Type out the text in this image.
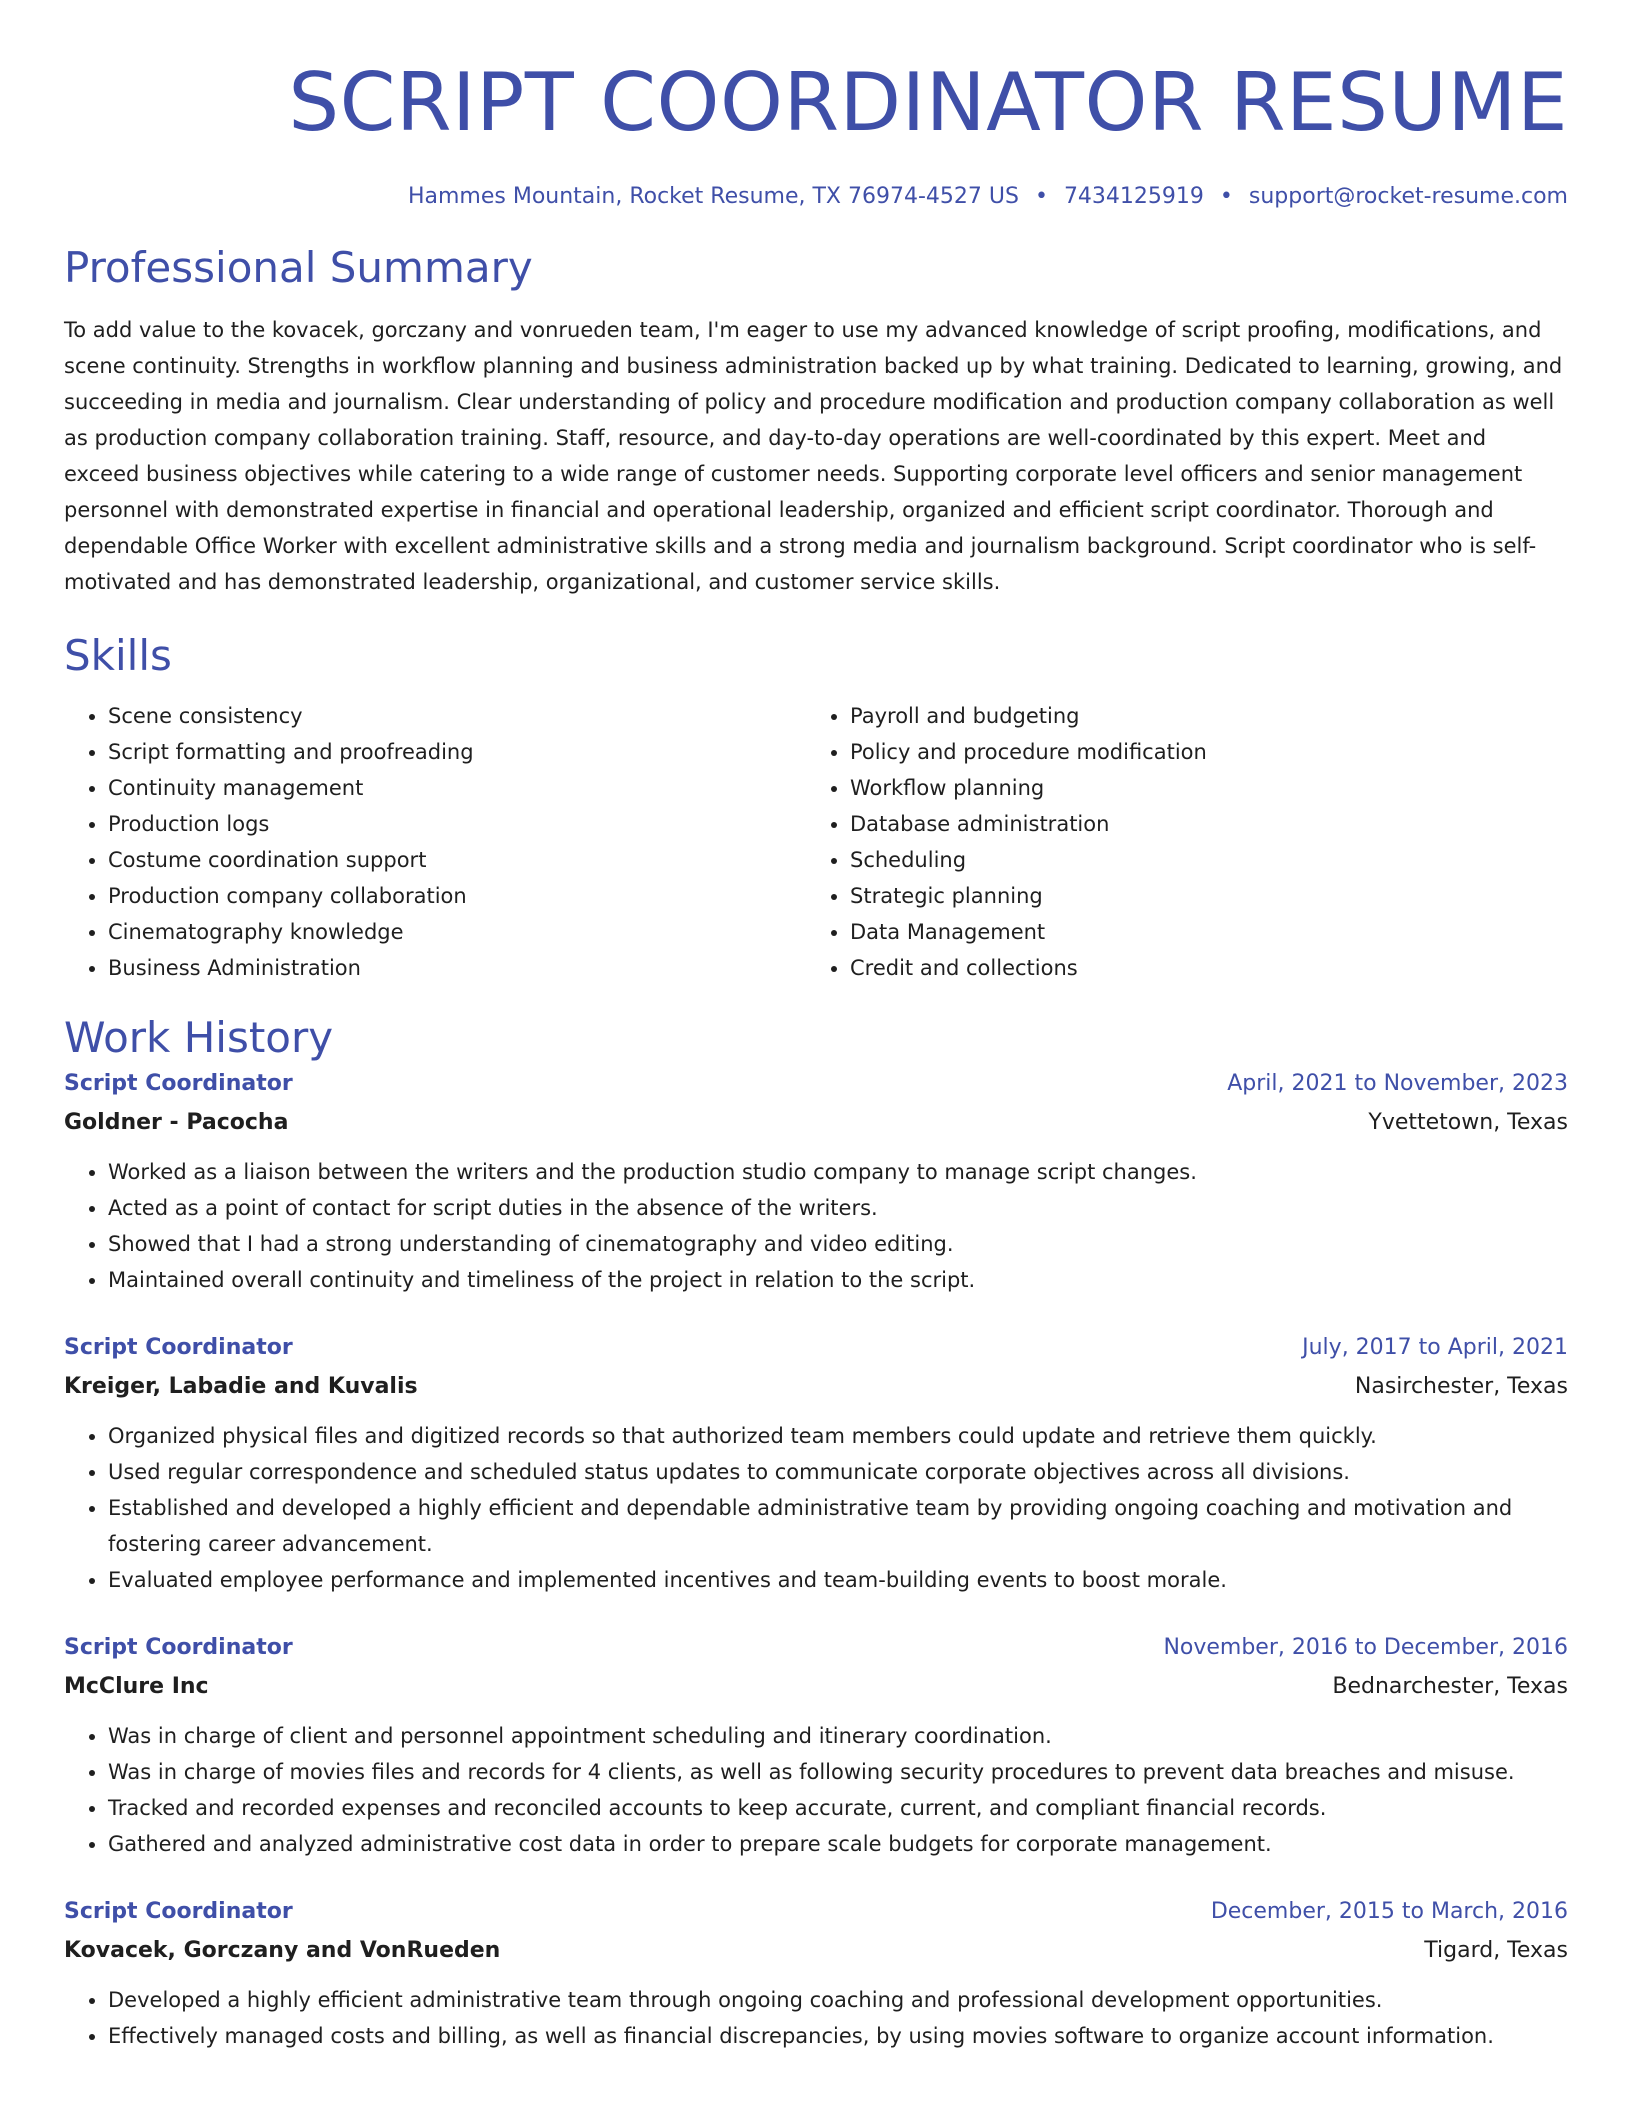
SCRIPT COORDINATOR RESUME
Hammes Mountain, Rocket Resume, TX 76974-4527 US • 7434125919 • support@rocket-resume.com
Professional Summary

To add value to the kovacek, gorczany and vonrueden team, I'm eager to use my advanced knowledge of script proofing, modifications, and scene continuity. Strengths in workflow planning and business administration backed up by what training. Dedicated to learning, growing, and succeeding in media and journalism. Clear understanding of policy and procedure modification and production company collaboration as well as production company collaboration training. Staff, resource, and day-to-day operations are well-coordinated by this expert. Meet and exceed business objectives while catering to a wide range of customer needs. Supporting corporate level officers and senior management personnel with demonstrated expertise in financial and operational leadership, organized and efficient script coordinator. Thorough and dependable Office Worker with excellent administrative skills and a strong media and journalism background. Script coordinator who is self-motivated and has demonstrated leadership, organizational, and customer service skills.

Skills
• Scene consistency
• Script formatting and proofreading
• Continuity management
• Production logs
• Costume coordination support
• Production company collaboration
• Cinematography knowledge
• Business Administration
• Payroll and budgeting
• Policy and procedure modification
• Workflow planning
• Database administration
• Scheduling
• Strategic planning
• Data Management
• Credit and collections
Work History
Script Coordinator	April, 2021 to November, 2023
Goldner - Pacocha	Yvettetown, Texas
• Worked as a liaison between the writers and the production studio company to manage script changes.
• Acted as a point of contact for script duties in the absence of the writers.
• Showed that I had a strong understanding of cinematography and video editing.
• Maintained overall continuity and timeliness of the project in relation to the script.
Script Coordinator	July, 2017 to April, 2021
Kreiger, Labadie and Kuvalis	Nasirchester, Texas
• Organized physical files and digitized records so that authorized team members could update and retrieve them quickly.
• Used regular correspondence and scheduled status updates to communicate corporate objectives across all divisions.
• Established and developed a highly efficient and dependable administrative team by providing ongoing coaching and motivation and fostering career advancement.
• Evaluated employee performance and implemented incentives and team-building events to boost morale.
Script Coordinator	November, 2016 to December, 2016
McClure Inc	Bednarchester, Texas
• Was in charge of client and personnel appointment scheduling and itinerary coordination.
• Was in charge of movies files and records for 4 clients, as well as following security procedures to prevent data breaches and misuse.
• Tracked and recorded expenses and reconciled accounts to keep accurate, current, and compliant financial records.
• Gathered and analyzed administrative cost data in order to prepare scale budgets for corporate management.
Script Coordinator	December, 2015 to March, 2016
Kovacek, Gorczany and VonRueden	Tigard, Texas
• Developed a highly efficient administrative team through ongoing coaching and professional development opportunities.
• Effectively managed costs and billing, as well as financial discrepancies, by using movies software to organize account information.
